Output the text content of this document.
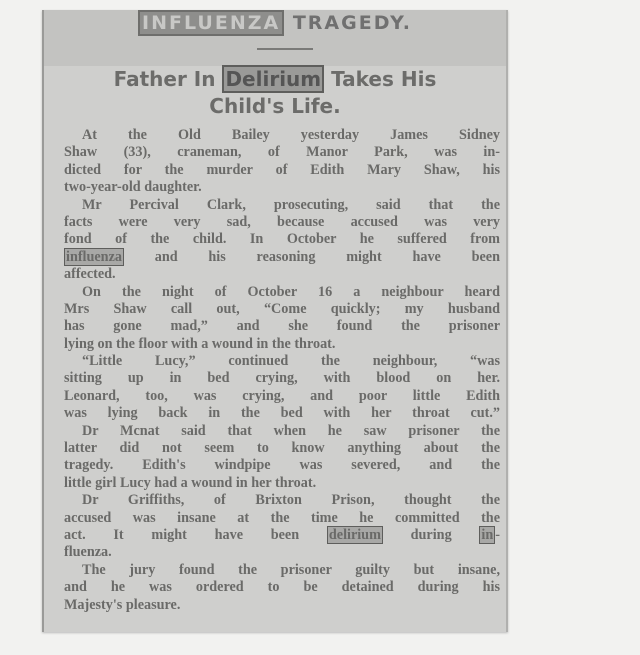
INFLUENZA TRAGEDY.
Father In Delirium Takes His
Child's Life.
At the Old Bailey yesterday James Sidney
Shaw (33), craneman, of Manor Park, was in-
dicted for the murder of Edith Mary Shaw, his
two-year-old daughter.
Mr Percival Clark, prosecuting, said that the
facts were very sad, because accused was very
fond of the child. In October he suffered from
influenza and his reasoning might have been
affected.
On the night of October 16 a neighbour heard
Mrs Shaw call out, “Come quickly; my husband
has gone mad,” and she found the prisoner
lying on the floor with a wound in the throat.
“Little Lucy,” continued the neighbour, “was
sitting up in bed crying, with blood on her.
Leonard, too, was crying, and poor little Edith
was lying back in the bed with her throat cut.”
Dr Mcnat said that when he saw prisoner the
latter did not seem to know anything about the
tragedy. Edith's windpipe was severed, and the
little girl Lucy had a wound in her throat.
Dr Griffiths, of Brixton Prison, thought the
accused was insane at the time he committed the
act. It might have been delirium during in -
fluenza.
The jury found the prisoner guilty but insane,
and he was ordered to be detained during his
Majesty's pleasure.
